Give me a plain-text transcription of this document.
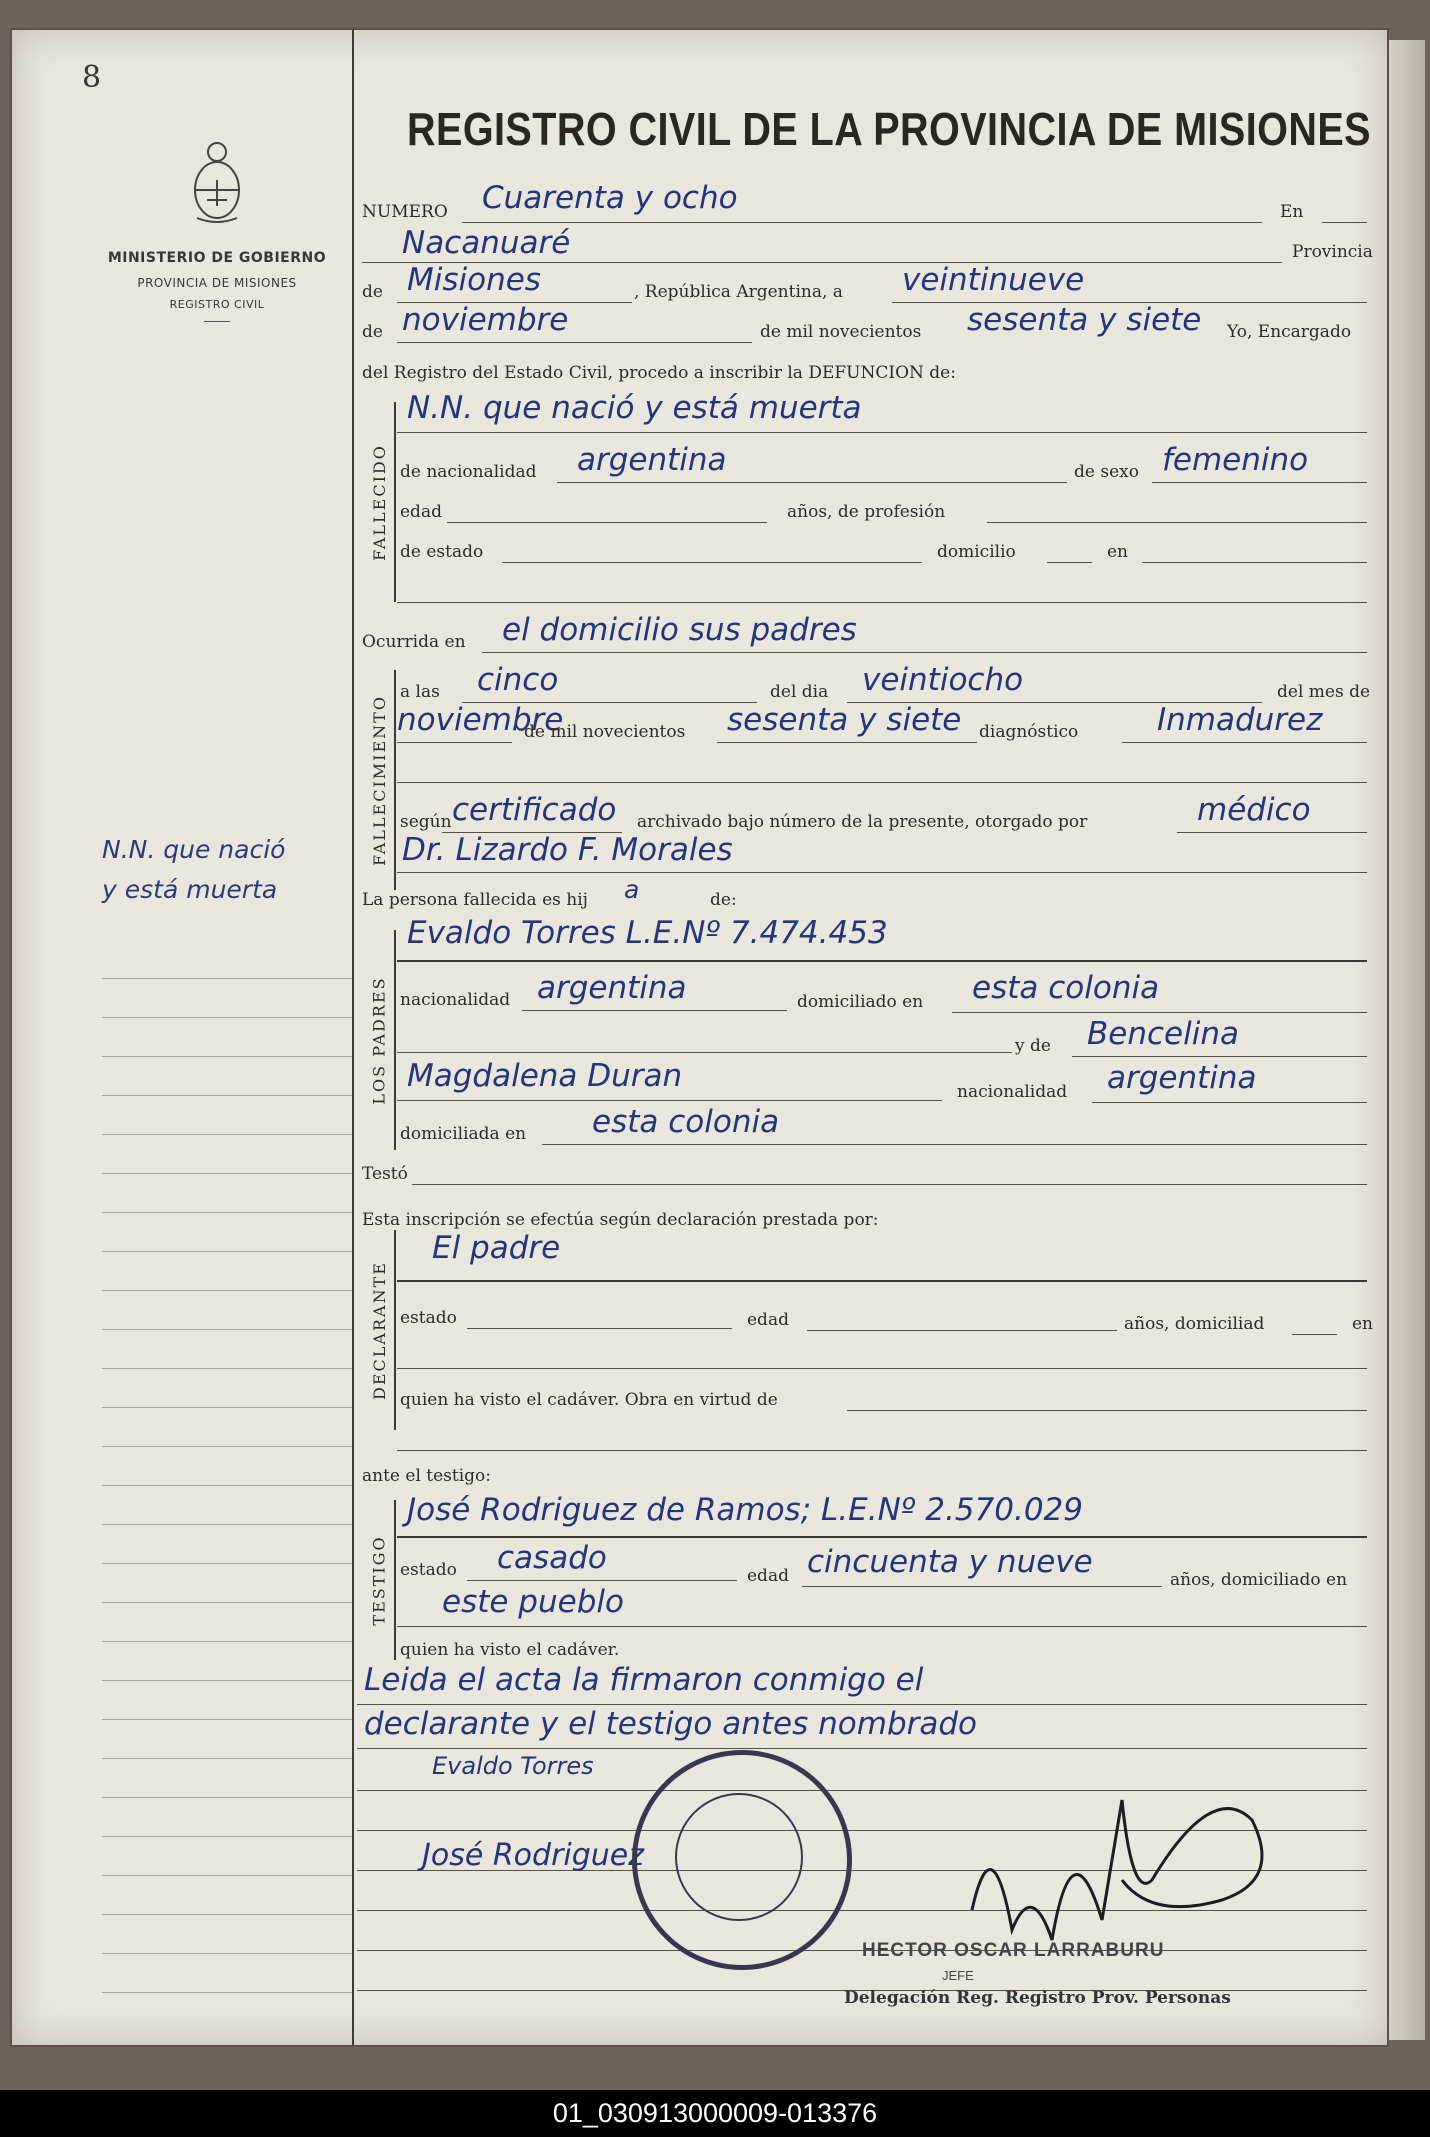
8
MINISTERIO DE GOBIERNO
PROVINCIA DE MISIONES
REGISTRO CIVIL
N.N. que nació
y está muerta
REGISTRO CIVIL DE LA PROVINCIA DE MISIONES
NUMERO Cuarenta y ocho	En
Nacanuaré	Provincia
de Misiones	, República Argentina, a veintinueve
de noviembre	de mil novecientos sesenta y siete Yo, Encargado
del Registro del Estado Civil, procedo a inscribir la DEFUNCION de:
FALLECIDO
N.N. que nació y está muerta
de nacionalidad argentina	de sexo femenino
edad	años, de profesión
de estado	domicilio	en
Ocurrida en el domicilio sus padres
FALLECIMIENTO
a las cinco	del dia veintiocho	del mes de
noviembre
de mil novecientos sesenta y siete diagnóstico	Inmadurez
según certificado archivado bajo número de la presente, otorgado por	médico
Dr. Lizardo F. Morales
La persona fallecida es hij a	de:
LOS PADRES
Evaldo Torres L.E.Nº 7.474.453
nacionalidad argentina	domiciliado en esta colonia
y de Bencelina
Magdalena Duran	nacionalidad argentina
domiciliada en esta colonia
Testó
Esta inscripción se efectúa según declaración prestada por:
DECLARANTE
El padre
estado	edad	años, domiciliad	en
quien ha visto el cadáver. Obra en virtud de
ante el testigo:
TESTIGO
José Rodriguez de Ramos; L.E.Nº 2.570.029
estado casado	edad cincuenta y nueve	años, domiciliado en
este pueblo
quien ha visto el cadáver.
Leida el acta la firmaron conmigo el
declarante y el testigo antes nombrado
Evaldo Torres
José Rodriguez
HECTOR OSCAR LARRABURU
JEFE
Delegación Reg. Registro Prov. Personas
01_030913000009-013376
